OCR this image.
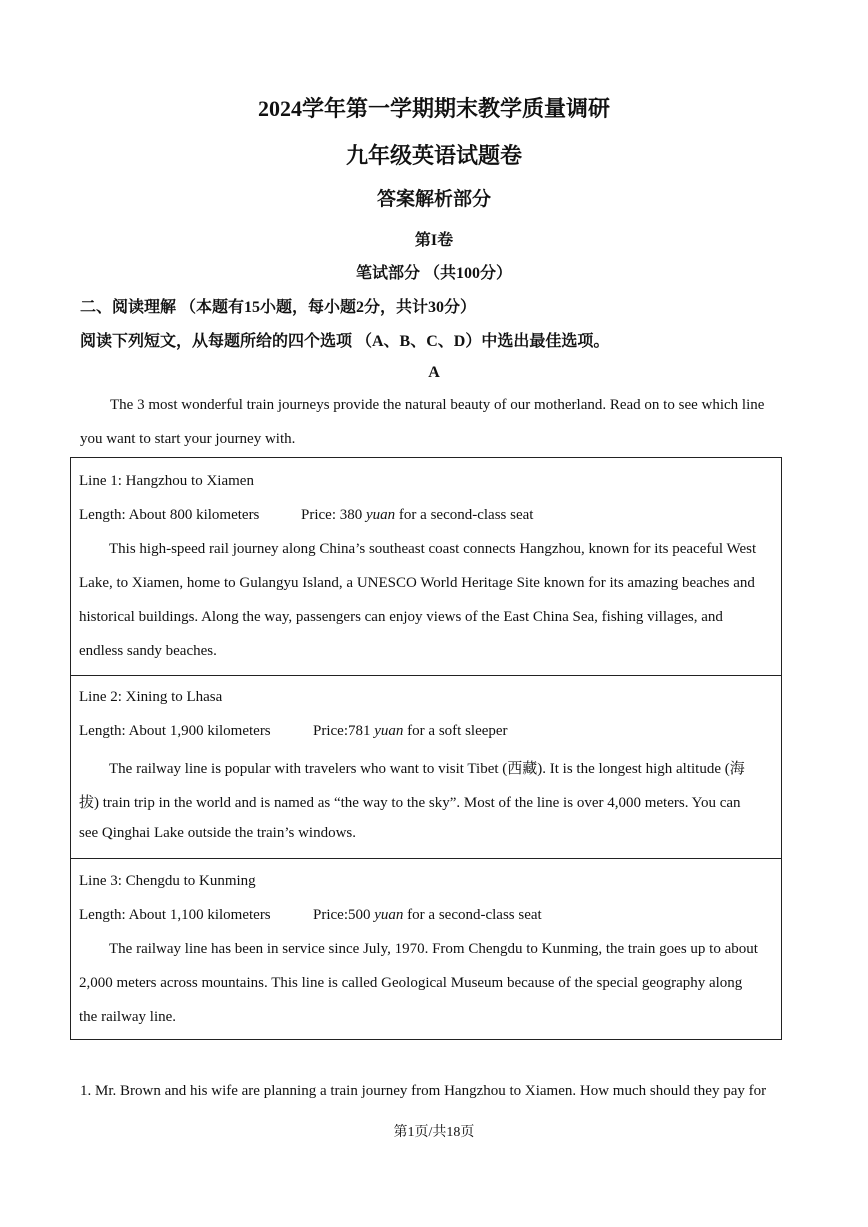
2024学年第一学期期末教学质量调研
九年级英语试题卷
答案解析部分
第I卷
笔试部分 （共100分）
二、阅读理解 （本题有15小题，每小题2分，共计30分）
阅读下列短文，从每题所给的四个选项 （A、B、C、D）中选出最佳选项。
A
The 3 most wonderful train journeys provide the natural beauty of our motherland. Read on to see which line
you want to start your journey with.
Line 1: Hangzhou to Xiamen
Length: About 800 kilometers	Price: 380 yuan for a second-class seat
This high-speed rail journey along China’s southeast coast connects Hangzhou, known for its peaceful West
Lake, to Xiamen, home to Gulangyu Island, a UNESCO World Heritage Site known for its amazing beaches and
historical buildings. Along the way, passengers can enjoy views of the East China Sea, fishing villages, and
endless sandy beaches.
Line 2: Xining to Lhasa
Length: About 1,900 kilometers	Price:781 yuan for a soft sleeper
The railway line is popular with travelers who want to visit Tibet (西藏). It is the longest high altitude (海
拔) train trip in the world and is named as “the way to the sky”. Most of the line is over 4,000 meters. You can
see Qinghai Lake outside the train’s windows.
Line 3: Chengdu to Kunming
Length: About 1,100 kilometers	Price:500 yuan for a second-class seat
The railway line has been in service since July, 1970. From Chengdu to Kunming, the train goes up to about
2,000 meters across mountains. This line is called Geological Museum because of the special geography along
the railway line.
1. Mr. Brown and his wife are planning a train journey from Hangzhou to Xiamen. How much should they pay for
第1页/共18页
